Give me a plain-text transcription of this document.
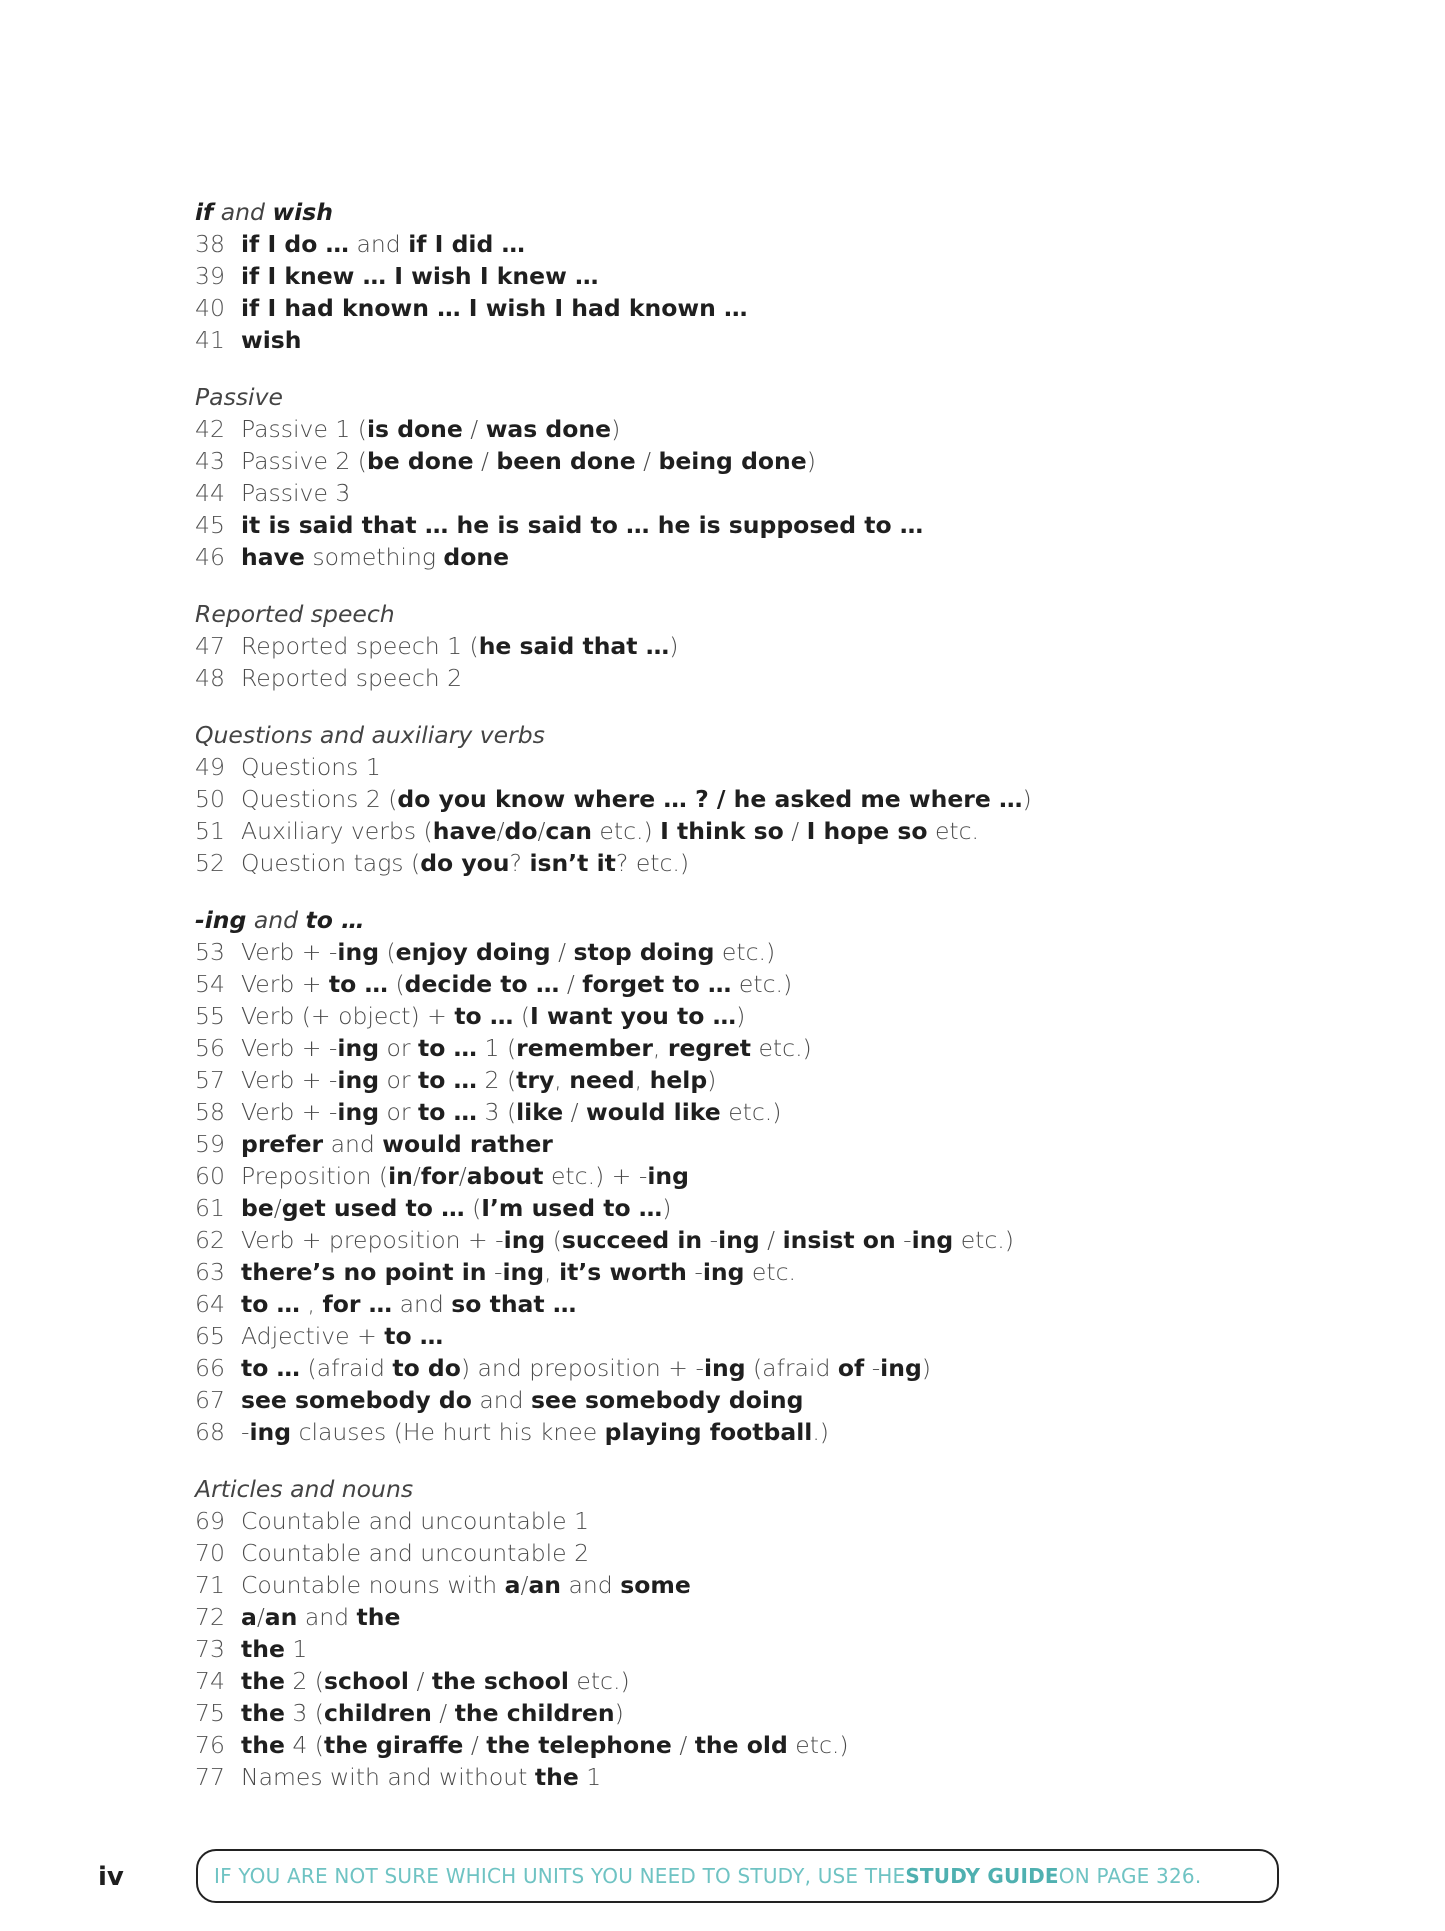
if and wish
38 if I do … and if I did …
39 if I knew … I wish I knew …
40 if I had known … I wish I had known …
41 wish
Passive
42 Passive 1 (is done / was done)
43 Passive 2 (be done / been done / being done)
44 Passive 3
45 it is said that … he is said to … he is supposed to …
46 have something done
Reported speech
47 Reported speech 1 (he said that …)
48 Reported speech 2
Questions and auxiliary verbs
49 Questions 1
50 Questions 2 (do you know where … ? / he asked me where …)
51 Auxiliary verbs (have/do/can etc.) I think so / I hope so etc.
52 Question tags (do you? isn’t it? etc.)
-ing and to …
53 Verb + -ing (enjoy doing / stop doing etc.)
54 Verb + to … (decide to … / forget to … etc.)
55 Verb (+ object) + to … (I want you to …)
56 Verb + -ing or to … 1 (remember, regret etc.)
57 Verb + -ing or to … 2 (try, need, help)
58 Verb + -ing or to … 3 (like / would like etc.)
59 prefer and would rather
60 Preposition (in/for/about etc.) + -ing
61 be/get used to … (I’m used to …)
62 Verb + preposition + -ing (succeed in -ing / insist on -ing etc.)
63 there’s no point in -ing, it’s worth -ing etc.
64 to … , for … and so that …
65 Adjective + to …
66 to … (afraid to do) and preposition + -ing (afraid of -ing)
67 see somebody do and see somebody doing
68 -ing clauses (He hurt his knee playing football.)
Articles and nouns
69 Countable and uncountable 1
70 Countable and uncountable 2
71 Countable nouns with a/an and some
72 a/an and the
73 the 1
74 the 2 (school / the school etc.)
75 the 3 (children / the children)
76 the 4 (the giraffe / the telephone / the old etc.)
77 Names with and without the 1
iv	IF YOU ARE NOT SURE WHICH UNITS YOU NEED TO STUDY, USE THE STUDY GUIDE ON PAGE 326.
